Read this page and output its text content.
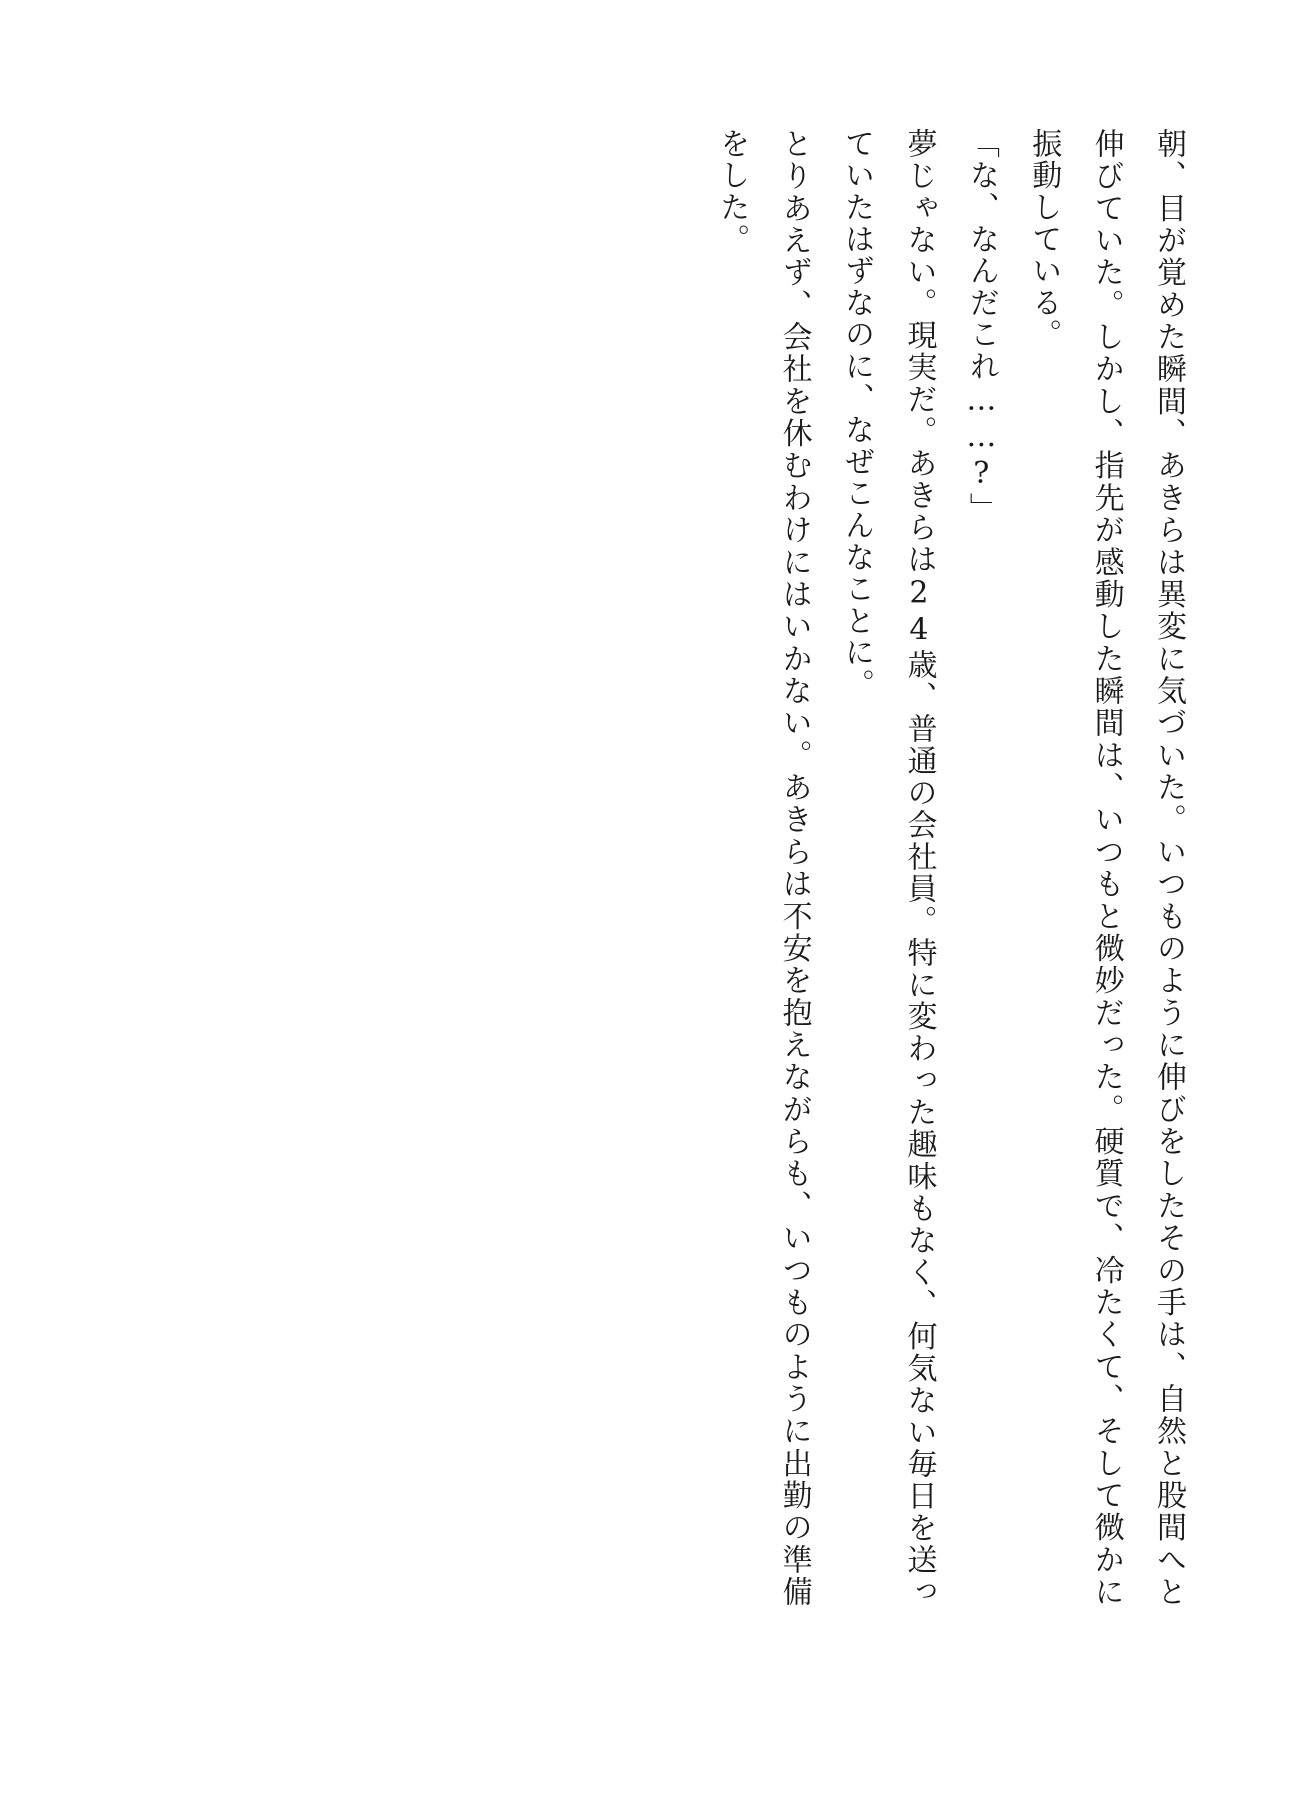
朝、目が覚めた瞬間、あきらは異変に気づいた。いつものように伸びをしたその手は、自然と股間へと伸びていた。しかし、指先が感動した瞬間は、いつもと微妙だった。硬質で、冷たくて、そして微かに振動している。

「な、なんだこれ……?」

夢じゃない。現実だ。あきらは24歳、普通の会社員。特に変わった趣味もなく、何気ない毎日を送っていたはずなのに、なぜこんなことに。

とりあえず、会社を休むわけにはいかない。あきらは不安を抱えながらも、いつものように出勤の準備をした。
